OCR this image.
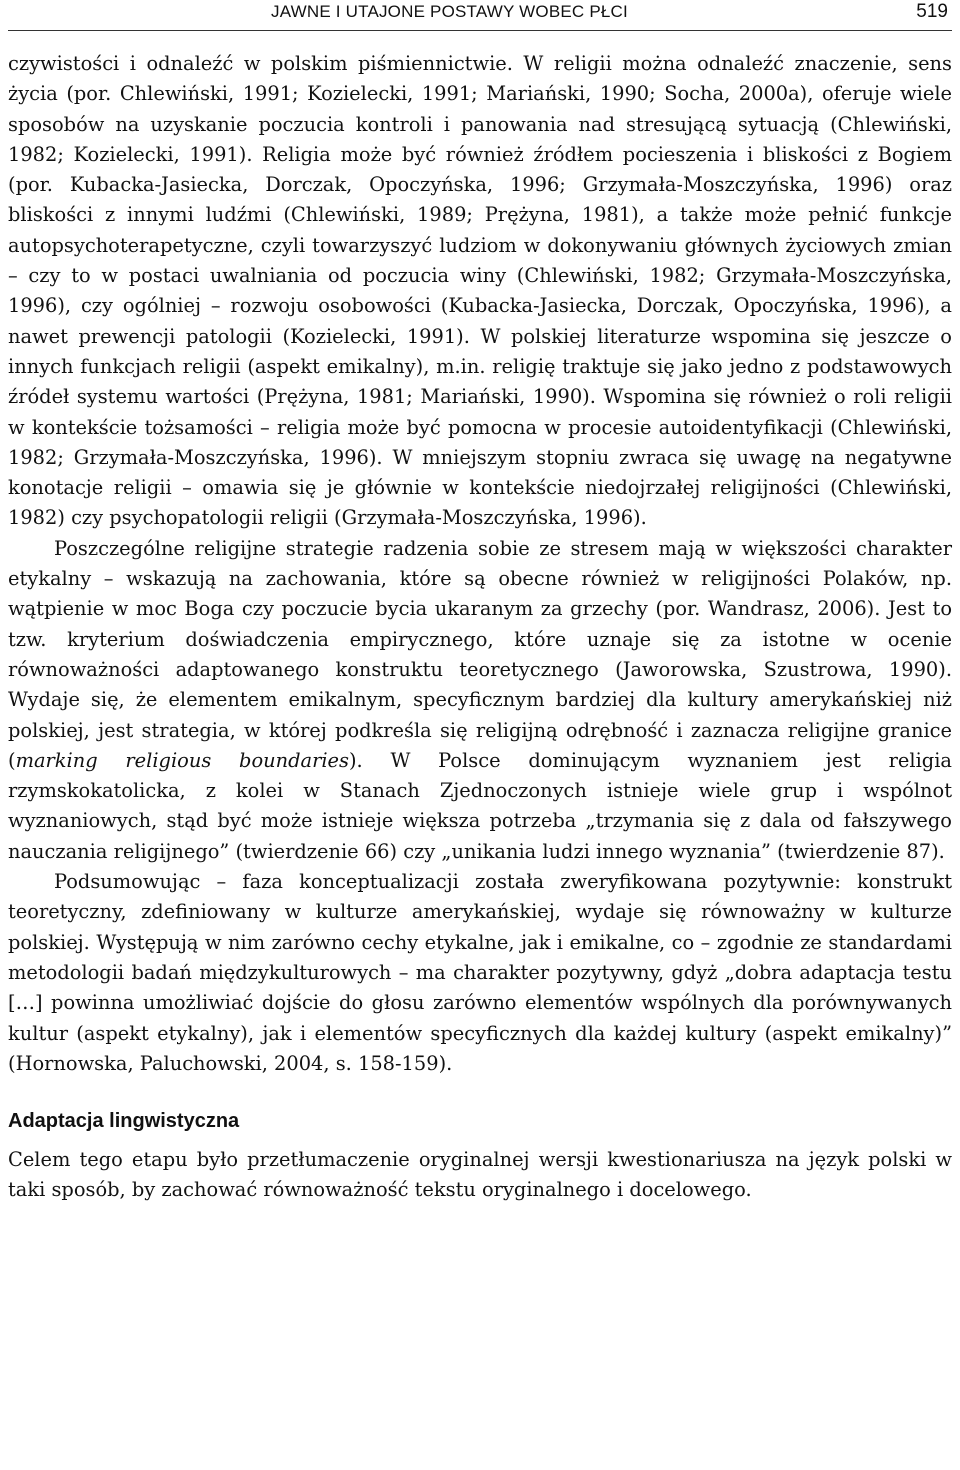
JAWNE I UTAJONE POSTAWY WOBEC PŁCI	519

czywistości i odnaleźć w polskim piśmiennictwie. W religii można odnaleźć znaczenie, sens życia (por. Chlewiński, 1991; Kozielecki, 1991; Mariański, 1990; Socha, 2000a), oferuje wiele sposobów na uzyskanie poczucia kontroli i panowania nad stresującą sytuacją (Chlewiński, 1982; Kozielecki, 1991). Religia może być również źródłem pocieszenia i bliskości z Bogiem (por. Kubacka-Jasiecka, Dorczak, Opoczyńska, 1996; Grzymała-Moszczyńska, 1996) oraz bliskości z innymi ludźmi (Chlewiński, 1989; Prężyna, 1981), a także może pełnić funkcje autopsychoterapetyczne, czyli towarzyszyć ludziom w dokonywaniu głównych życiowych zmian – czy to w postaci uwalniania od poczucia winy (Chlewiński, 1982; Grzymała-Moszczyńska, 1996), czy ogólniej – rozwoju osobowości (Kubacka-Jasiecka, Dorczak, Opoczyńska, 1996), a nawet prewencji patologii (Kozielecki, 1991). W polskiej literaturze wspomina się jeszcze o innych funkcjach religii (aspekt emikalny), m.in. religię traktuje się jako jedno z podstawowych źródeł systemu wartości (Prężyna, 1981; Mariański, 1990). Wspomina się również o roli religii w kontekście tożsamości – religia może być pomocna w procesie autoidentyfikacji (Chlewiński, 1982; Grzymała-Moszczyńska, 1996). W mniejszym stopniu zwraca się uwagę na negatywne konotacje religii – omawia się je głównie w kontekście niedojrzałej religijności (Chlewiński, 1982) czy psychopatologii religii (Grzymała-Moszczyńska, 1996).

Poszczególne religijne strategie radzenia sobie ze stresem mają w większości charakter etykalny – wskazują na zachowania, które są obecne również w religijności Polaków, np. wątpienie w moc Boga czy poczucie bycia ukaranym za grzechy (por. Wandrasz, 2006). Jest to tzw. kryterium doświadczenia empirycznego, które uznaje się za istotne w ocenie równoważności adaptowanego konstruktu teoretycznego (Jaworowska, Szustrowa, 1990). Wydaje się, że elementem emikalnym, specyficznym bardziej dla kultury amerykańskiej niż polskiej, jest strategia, w której podkreśla się religijną odrębność i zaznacza religijne granice (marking religious boundaries). W Polsce dominującym wyznaniem jest religia rzymskokatolicka, z kolei w Stanach Zjednoczonych istnieje wiele grup i wspólnot wyznaniowych, stąd być może istnieje większa potrzeba „trzymania się z dala od fałszywego nauczania religijnego” (twierdzenie 66) czy „unikania ludzi innego wyznania” (twierdzenie 87).

Podsumowując – faza konceptualizacji została zweryfikowana pozytywnie: konstrukt teoretyczny, zdefiniowany w kulturze amerykańskiej, wydaje się równoważny w kulturze polskiej. Występują w nim zarówno cechy etykalne, jak i emikalne, co – zgodnie ze standardami metodologii badań międzykulturowych – ma charakter pozytywny, gdyż „dobra adaptacja testu […] powinna umożliwiać dojście do głosu zarówno elementów wspólnych dla porównywanych kultur (aspekt etykalny), jak i elementów specyficznych dla każdej kultury (aspekt emikalny)” (Hornowska, Paluchowski, 2004, s. 158-159).

Adaptacja lingwistyczna

Celem tego etapu było przetłumaczenie oryginalnej wersji kwestionariusza na język polski w taki sposób, by zachować równoważność tekstu oryginalnego i docelowego.
